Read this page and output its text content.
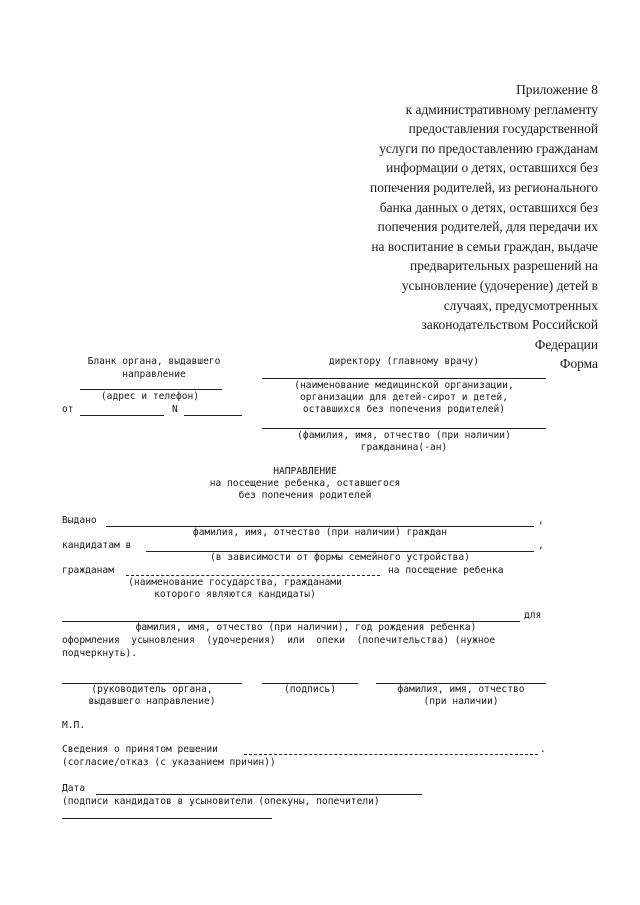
Приложение 8
к административному регламенту
предоставления государственной
услуги по предоставлению гражданам
информации о детях, оставшихся без
попечения родителей, из регионального
банка данных о детях, оставшихся без
попечения родителей, для передачи их
на воспитание в семьи граждан, выдаче
предварительных разрешений на
усыновление (удочерение) детей в
случаях, предусмотренных
законодательством Российской
Федерации
Форма
Бланк органа, выдавшего
направление
(адрес и телефон)
от	N
директору (главному врачу)
(наименование медицинской организации,
организации для детей-сирот и детей,
оставшихся без попечения родителей)
(фамилия, имя, отчество (при наличии)
гражданина(-ан)
НАПРАВЛЕНИЕ
на посещение ребенка, оставшегося
без попечения родителей
Выдано	,
фамилия, имя, отчество (при наличии) граждан
кандидатам в	,
(в зависимости от формы семейного устройства)
гражданам	на посещение ребенка
(наименование государства, гражданами
которого являются кандидаты)
для
фамилия, имя, отчество (при наличии), год рождения ребенка)
оформления  усыновления  (удочерения)  или  опеки  (попечительства) (нужное
подчеркнуть).
(руководитель органа,
выдавшего направление)
(подпись)	фамилия, имя, отчество
(при наличии)
М.П.
Сведения о принятом решении	.
(согласие/отказ (с указанием причин))
Дата
(подписи кандидатов в усыновители (опекуны, попечители)
